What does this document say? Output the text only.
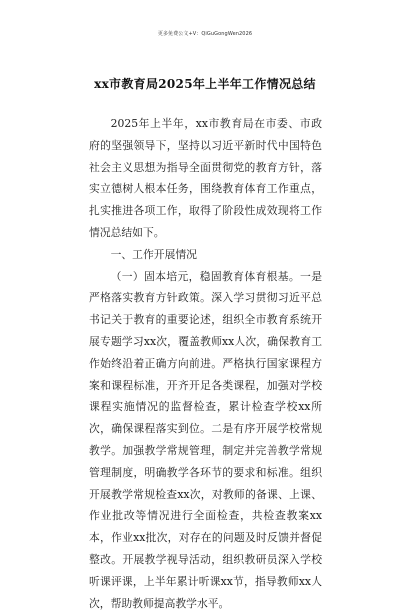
更多免费公文+V：QiGuGongWen2026
xx市教育局2025年上半年工作情况总结

2025年上半年，xx市教育局在市委、市政府的坚强领导下，坚持以习近平新时代中国特色社会主义思想为指导全面贯彻党的教育方针，落实立德树人根本任务，围绕教育体育工作重点，扎实推进各项工作，取得了阶段性成效现将工作情况总结如下。

一、工作开展情况

（一）固本培元，稳固教育体育根基。一是严格落实教育方针政策。深入学习贯彻习近平总书记关于教育的重要论述，组织全市教育系统开展专题学习xx次，覆盖教师xx人次，确保教育工作始终沿着正确方向前进。严格执行国家课程方案和课程标准，开齐开足各类课程，加强对学校课程实施情况的监督检查，累计检查学校xx所次，确保课程落实到位。二是有序开展学校常规教学。加强教学常规管理，制定并完善教学常规管理制度，明确教学各环节的要求和标准。组织开展教学常规检查xx次，对教师的备课、上课、作业批改等情况进行全面检查，共检查教案xx本，作业xx批次，对存在的问题及时反馈并督促整改。开展教学视导活动，组织教研员深入学校听课评课，上半年累计听课xx节，指导教师xx人次，帮助教师提高教学水平。
